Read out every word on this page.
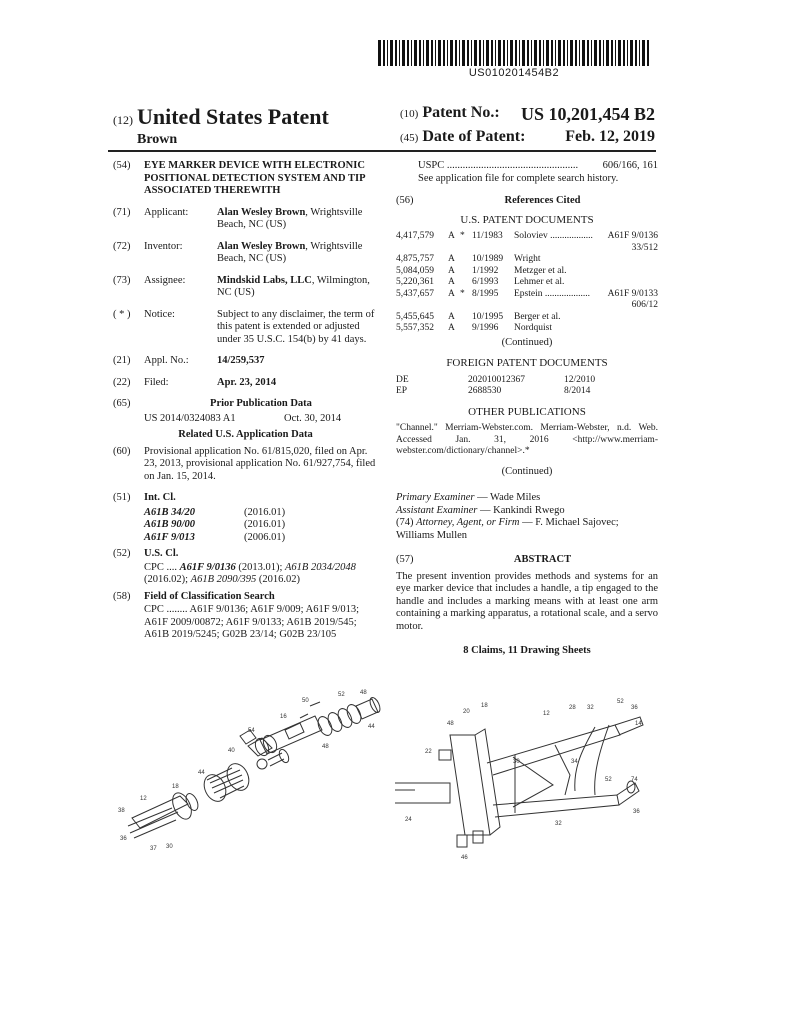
US010201454B2
(12) United States Patent
Brown
(10) Patent No.: US 10,201,454 B2
(45) Date of Patent: Feb. 12, 2019
(54)	EYE MARKER DEVICE WITH ELECTRONIC POSITIONAL DETECTION SYSTEM AND TIP ASSOCIATED THEREWITH
(71)	Applicant:	Alan Wesley Brown, Wrightsville Beach, NC (US)
(72)	Inventor:	Alan Wesley Brown, Wrightsville Beach, NC (US)
(73)	Assignee:	Mindskid Labs, LLC, Wilmington, NC (US)
( * )	Notice:	Subject to any disclaimer, the term of this patent is extended or adjusted under 35 U.S.C. 154(b) by 41 days.
(21)	Appl. No.:	14/259,537
(22)	Filed:	Apr. 23, 2014
(65)	Prior Publication Data
US 2014/0324083 A1	Oct. 30, 2014
Related U.S. Application Data
(60)	Provisional application No. 61/815,020, filed on Apr. 23, 2013, provisional application No. 61/927,754, filed on Jan. 15, 2014.
(51)	Int. Cl.
A61B 34/20	(2016.01)
A61B 90/00	(2016.01)
A61F 9/013	(2006.01)
(52)	U.S. Cl.
CPC .... A61F 9/0136 (2013.01); A61B 2034/2048 (2016.02); A61B 2090/395 (2016.02)
(58)	Field of Classification Search
CPC ........ A61F 9/0136; A61F 9/009; A61F 9/013; A61F 2009/00872; A61F 9/0133; A61B 2019/545; A61B 2019/5245; G02B 23/14; G02B 23/105
USPC
..................................................
	606/166, 161
See application file for complete search history.
(56)	References Cited
U.S. PATENT DOCUMENTS
4,417,579	A * 11/1983	Soloviev ..................	A61F 9/0136
33/512
4,875,757	A	10/1989	Wright
5,084,059	A	1/1992	Metzger et al.
5,220,361	A	6/1993	Lehmer et al.
5,437,657	A * 8/1995	Epstein ...................	A61F 9/0133
606/12
5,455,645	A	10/1995	Berger et al.
5,557,352	A	9/1996	Nordquist
(Continued)
FOREIGN PATENT DOCUMENTS
DE	202010012367	12/2010
EP	2688530	8/2014
OTHER PUBLICATIONS
"Channel." Merriam-Webster.com. Merriam-Webster, n.d. Web. Accessed Jan. 31, 2016 <http://www.merriam-webster.com/dictionary/channel>.*
(Continued)
Primary Examiner — Wade Miles
Assistant Examiner — Kankindi Rwego
(74) Attorney, Agent, or Firm — F. Michael Sajovec; Williams Mullen
(57)	ABSTRACT
The present invention provides methods and systems for an eye marker device that includes a handle, a tip engaged to the handle and includes a marking means with at least one arm containing a marking apparatus, a rotational scale, and a servo motor.
8 Claims, 11 Drawing Sheets
38
12
18
36
37 30
44
40
54
16
50
52	48
44
48
48
20
18
22
30
12
28 32
52
36
14
34
52	74
36
32
24
46
